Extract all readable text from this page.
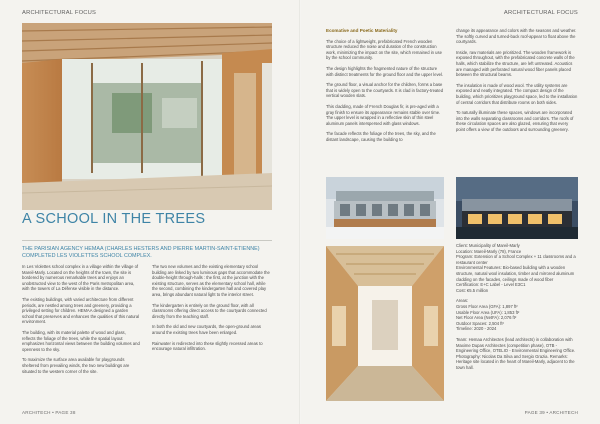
ARCHITECTURAL FOCUS	ARCHITECTURAL FOCUS
ARCHITECH • PAGE 38	PAGE 39 • ARCHITECH
A SCHOOL IN THE TREES
THE PARISIAN AGENCY HEMAA (CHARLES HESTERS AND PIERRE MARTIN-SAINT-ETIENNE) COMPLETED LES VIOLETTES SCHOOL COMPLEX.

In Les Violettes school complex in a village within the village of Mareil-Marly. Located on the heights of the town, the site is bordered by numerous remarkable trees and enjoys an unobstructed view to the west of the Paris metropolitan area, with the towers of La Défense visible in the distance.

The existing buildings, with varied architecture from different periods, are nestled among trees and greenery, providing a privileged setting for children. HEMAA designed a garden school that preserves and enhances the qualities of this natural environment.

The building, with its material palette of wood and glass, reflects the foliage of the trees, while the spatial layout emphasizes horizontal views between the building volumes and openness to the sky.

To maximize the surface area available for playgrounds sheltered from prevailing winds, the two new buildings are situated to the western corner of the site.

The two new volumes and the existing elementary school building are linked by two luminous gaps that accommodate the double-height through-halls : the first, at the junction with the existing structure, serves as the elementary school hall, while the second, combining the kindergarten hall and covered play area, brings abundant natural light to the interior street.

The kindergarten is entirely on the ground floor, with all classrooms offering direct access to the courtyards connected directly from the teaching staff.

In both the old and new courtyards, the open-ground areas around the existing trees have been enlarged.

Rainwater is redirected into these slightly recessed areas to encourage natural infiltration.

Ecomative and Poetic Materiality

The choice of a lightweight, prefabricated French wooden structure reduced the noise and duration of the construction work, minimizing the impact on the site, which remained in use by the school community.

The design highlights the fragmented nature of the structure with distinct treatments for the ground floor and the upper level.

The ground floor, a visual anchor for the children, forms a base that is widely open to the courtyards. It is clad in factory-treated vertical wooden slats.

This cladding, made of French Douglas fir, is pre-aged with a gray finish to ensure its appearance remains stable over time. The upper level is wrapped in a reflective skin of thin steel aluminum panels interspersed with glass windows.

The facade reflects the foliage of the trees, the sky, and the distant landscape, causing the building to

change its appearance and colors with the seasons and weather. The softly curved and turned-back roof-appear to float above the courtyards.

Inside, raw materials are prioritized. The wooden framework is exposed throughout, with the prefabricated concrete walls of the halls, which stabilize the structure, are left untreated. Acoustics are managed with perforated natural wood fiber panels placed between the structural beams.

The insulation is made of wood wool. The utility systems are exposed and neatly integrated. The compact design of the building, which prioritizes playground space, led to the installation of central corridors that distribute rooms on both sides.

To naturally illuminate these spaces, windows are incorporated into the walls separating classrooms and corridors. The roofs of these circulation spaces are also glazed, ensuring that every point offers a view of the outdoors and surrounding greenery.

Client: Municipality of Mareil-Marly
Location: Mareil-Marly (78), France
Program: Extension of a School Complex + 11 classrooms and a restaurant center
Environmental Features: Bio-based building with a wooden structure, natural wool insulation, timber and mirrored aluminum cladding on the facades, ceilings made of wood fiber
Certification: E+C Label - Level E3C1
Cost: €5.5 million
Areas:
Gross Floor Area (GFA): 1,897 ft²
Usable Floor Area (UFA): 1,853 ft²
Net Floor Area (NetFA): 2,076 ft²
Outdoor Spaces: 2,504 ft²
Timeline: 2020 - 2024
Team: Hemaa Architectes (lead architects) in collaboration with Maxime Dupas Architectes (competition phase), OTB - Engineering Office, OTELIO - Environmental Engineering Office. Photography: Nicolas Da Silva and Sergio Grazia. Remarks: Heritage site located in the heart of Mareil-Marly, adjacent to the town hall.
